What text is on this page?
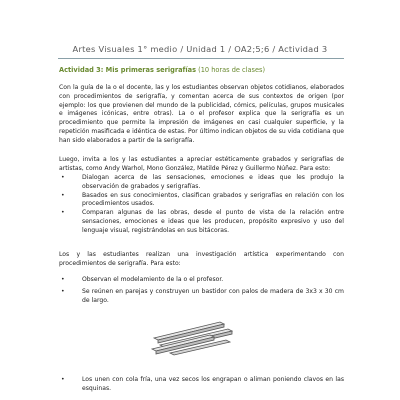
Artes Visuales 1° medio / Unidad 1 / OA2;5;6 / Actividad 3
Actividad 3: Mis primeras serigrafías (10 horas de clases)
Con la guía de la o el docente, las y los estudiantes observan objetos cotidianos, elaborados con procedimientos de serigrafía, y comentan acerca de sus contextos de origen (por ejemplo: los que provienen del mundo de la publicidad, cómics, películas, grupos musicales e imágenes icónicas, entre otras). La o el profesor explica que la serigrafía es un procedimiento que permite la impresión de imágenes en casi cualquier superficie, y la repetición masificada e idéntica de estas. Por último indican objetos de su vida cotidiana que han sido elaborados a partir de la serigrafía.
Luego, invita a los y las estudiantes a apreciar estéticamente grabados y serigrafías de artistas, como Andy Warhol, Mono González, Matilde Pérez y Guillermo Núñez. Para esto:
•	Dialogan acerca de las sensaciones, emociones e ideas que les produjo la observación de grabados y serigrafías.
•	Basados en sus conocimientos, clasifican grabados y serigrafías en relación con los procedimientos usados.
•	Comparan algunas de las obras, desde el punto de vista de la relación entre sensaciones, emociones e ideas que les producen, propósito expresivo y uso del lenguaje visual, registrándolas en sus bitácoras.
Los y las estudiantes realizan una investigación artística experimentando con procedimientos de serigrafía. Para esto:
•	Observan el modelamiento de la o el profesor.
•	Se reúnen en parejas y construyen un bastidor con palos de madera de 3x3 x 30 cm de largo.
•	Los unen con cola fría, una vez secos los engrapan o aliman poniendo clavos en las esquinas.
